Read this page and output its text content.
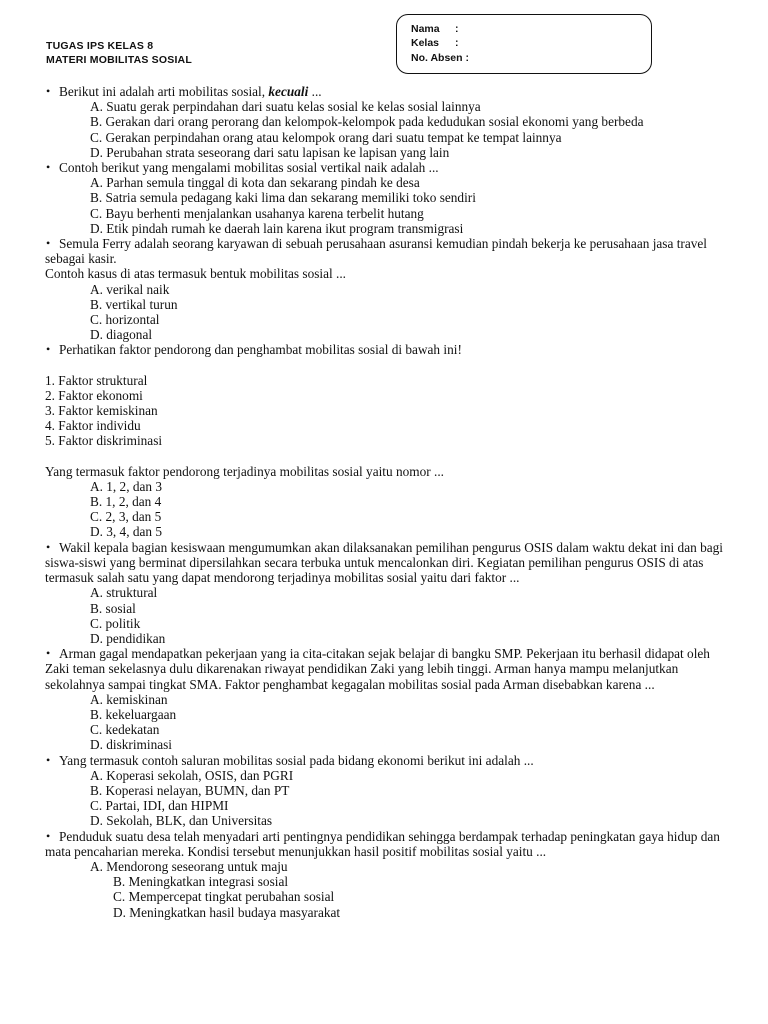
TUGAS IPS KELAS 8
MATERI MOBILITAS SOSIAL
Nama :
Kelas :
No. Absen :
• Berikut ini adalah arti mobilitas sosial, kecuali ...
A. Suatu gerak perpindahan dari suatu kelas sosial ke kelas sosial lainnya
B. Gerakan dari orang perorang dan kelompok-kelompok pada kedudukan sosial ekonomi yang berbeda
C. Gerakan perpindahan orang atau kelompok orang dari suatu tempat ke tempat lainnya
D. Perubahan strata seseorang dari satu lapisan ke lapisan yang lain
• Contoh berikut yang mengalami mobilitas sosial vertikal naik adalah ...
A. Parhan semula tinggal di kota dan sekarang pindah ke desa
B. Satria semula pedagang kaki lima dan sekarang memiliki toko sendiri
C. Bayu berhenti menjalankan usahanya karena terbelit hutang
D. Etik pindah rumah ke daerah lain karena ikut program transmigrasi
• Semula Ferry adalah seorang karyawan di sebuah perusahaan asuransi kemudian pindah bekerja ke perusahaan jasa travel sebagai kasir.
Contoh kasus di atas termasuk bentuk mobilitas sosial ...
A. verikal naik
B. vertikal turun
C. horizontal
D. diagonal
• Perhatikan faktor pendorong dan penghambat mobilitas sosial di bawah ini!
1. Faktor struktural
2. Faktor ekonomi
3. Faktor kemiskinan
4. Faktor individu
5. Faktor diskriminasi
Yang termasuk faktor pendorong terjadinya mobilitas sosial yaitu nomor ...
A. 1, 2, dan 3
B. 1, 2, dan 4
C. 2, 3, dan 5
D. 3, 4, dan 5
• Wakil kepala bagian kesiswaan mengumumkan akan dilaksanakan pemilihan pengurus OSIS dalam waktu dekat ini dan bagi siswa-siswi yang berminat dipersilahkan secara terbuka untuk mencalonkan diri. Kegiatan pemilihan pengurus OSIS di atas termasuk salah satu yang dapat mendorong terjadinya mobilitas sosial yaitu dari faktor ...
A. struktural
B. sosial
C. politik
D. pendidikan
• Arman gagal mendapatkan pekerjaan yang ia cita-citakan sejak belajar di bangku SMP. Pekerjaan itu berhasil didapat oleh Zaki teman sekelasnya dulu dikarenakan riwayat pendidikan Zaki yang lebih tinggi. Arman hanya mampu melanjutkan sekolahnya sampai tingkat SMA. Faktor penghambat kegagalan mobilitas sosial pada Arman disebabkan karena ...
A. kemiskinan
B. kekeluargaan
C. kedekatan
D. diskriminasi
• Yang termasuk contoh saluran mobilitas sosial pada bidang ekonomi berikut ini adalah ...
A. Koperasi sekolah, OSIS, dan PGRI
B. Koperasi nelayan, BUMN, dan PT
C. Partai, IDI, dan HIPMI
D. Sekolah, BLK, dan Universitas
• Penduduk suatu desa telah menyadari arti pentingnya pendidikan sehingga berdampak terhadap peningkatan gaya hidup dan mata pencaharian mereka. Kondisi tersebut menunjukkan hasil positif mobilitas sosial yaitu ...
A. Mendorong seseorang untuk maju
B. Meningkatkan integrasi sosial
C. Mempercepat tingkat perubahan sosial
D. Meningkatkan hasil budaya masyarakat
